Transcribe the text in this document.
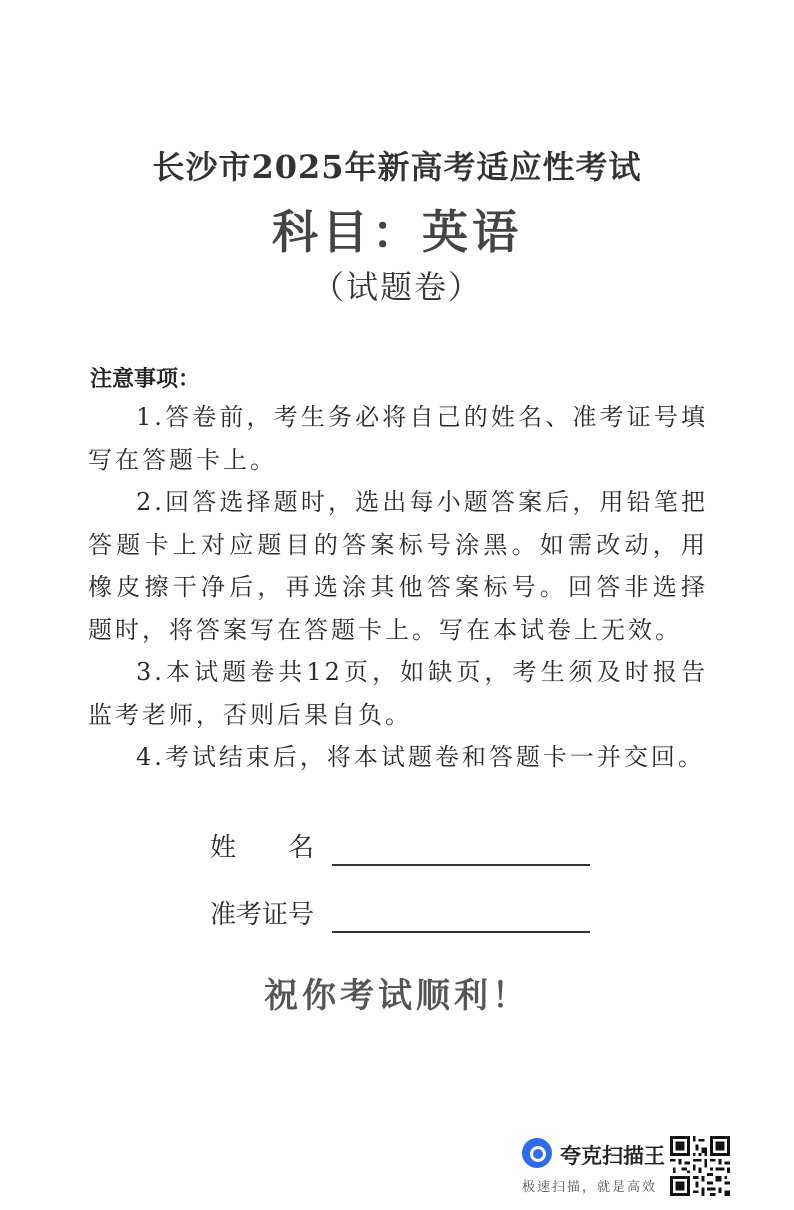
长沙市2025年新高考适应性考试
科目：英语
（试题卷）
注意事项：

1.答卷前，考生务必将自己的姓名、准考证号填写在答题卡上。

2.回答选择题时，选出每小题答案后，用铅笔把答题卡上对应题目的答案标号涂黑。如需改动，用橡皮擦干净后，再选涂其他答案标号。回答非选择题时，将答案写在答题卡上。写在本试卷上无效。

3.本试题卷共12页，如缺页，考生须及时报告监考老师，否则后果自负。

4.考试结束后，将本试题卷和答题卡一并交回。

姓　　名
准考证号
祝你考试顺利！
夸克扫描王
极速扫描，就是高效
